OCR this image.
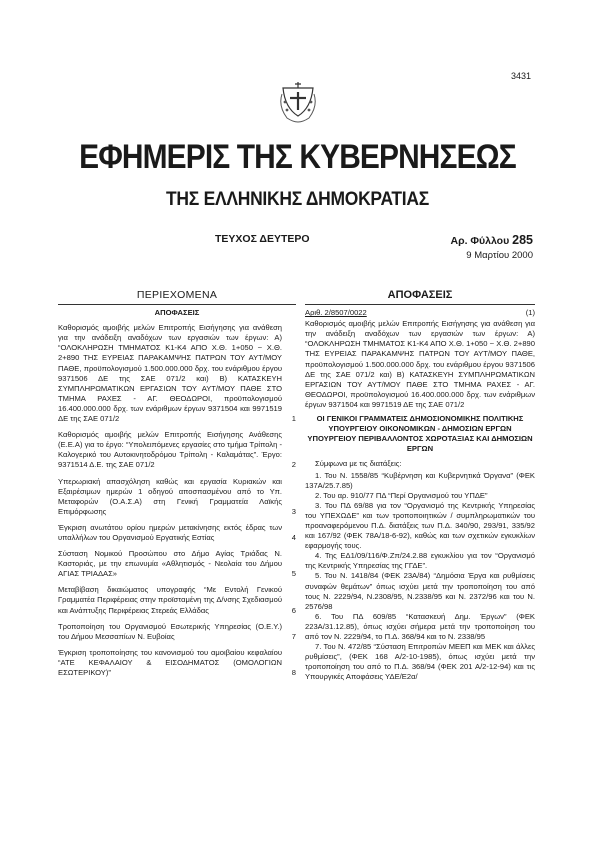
3431
ΕΦΗΜΕΡΙΣ ΤΗΣ ΚΥΒΕΡΝΗΣΕΩΣ
ΤΗΣ ΕΛΛΗΝΙΚΗΣ ΔΗΜΟΚΡΑΤΙΑΣ
ΤΕΥΧΟΣ ΔΕΥΤΕΡΟ	Αρ. Φύλλου 285
9 Μαρτίου 2000
ΠΕΡΙΕΧΟΜΕΝΑ
ΑΠΟΦΑΣΕΙΣ
Καθορισμός αμοιβής μελών Επιτροπής Εισήγησης για ανάθεση για την ανάδειξη αναδόχων των εργασιών των έργων: Α) “ΟΛΟΚΛΗΡΩΣΗ ΤΜΗΜΑΤΟΣ Κ1-Κ4 ΑΠΟ Χ.Θ. 1+050 ~ Χ.Θ. 2+890 ΤΗΣ ΕΥΡΕΙΑΣ ΠΑΡΑΚΑΜΨΗΣ ΠΑΤΡΩΝ ΤΟΥ ΑΥΤ/ΜΟΥ ΠΑΘΕ, προϋπολογισμού 1.500.000.000 δρχ. του ενάριθμου έργου 9371506 ΔΕ της ΣΑΕ 071/2 και) Β) ΚΑΤΑΣΚΕΥΗ ΣΥΜΠΛΗΡΩΜΑΤΙΚΩΝ ΕΡΓΑΣΙΩΝ ΤΟΥ ΑΥΤ/ΜΟΥ ΠΑΘΕ ΣΤΟ ΤΜΗΜΑ ΡΑΧΕΣ - ΑΓ. ΘΕΟΔΩΡΟΙ, προϋπολογισμού 16.400.000.000 δρχ. των ενάριθμων έργων 9371504 και 9971519 ΔΕ της ΣΑΕ 071/2	1
Καθορισμός αμοιβής μελών Επιτροπής Εισήγησης Ανάθεσης (Ε.Ε.Α) για το έργο: “Υπολειπόμενες εργασίες στο τμήμα Τρίπολη - Καλογερικό του Αυτοκινητοδρόμου Τρίπολη - Καλαμάτας”. Έργο: 9371514 Δ.Ε. της ΣΑΕ 071/2	2
Υπερωριακή απασχόληση καθώς και εργασία Κυριακών και Εξαιρέσιμων ημερών 1 οδηγού αποσπασμένου από το Υπ. Μεταφορών (Ο.Α.Σ.Α) στη Γενική Γραμματεία Λαϊκής Επιμόρφωσης	3
Έγκριση ανωτάτου ορίου ημερών μετακίνησης εκτός έδρας των υπαλλήλων του Οργανισμού Εργατικής Εστίας	4
Σύσταση Νομικού Προσώπου στο Δήμο Αγίας Τριάδας Ν. Καστοριάς, με την επωνυμία «Αθλητισμός - Νεολαία του Δήμου ΑΓΙΑΣ ΤΡΙΑΔΑΣ»	5
Μεταβίβαση δικαιώματος υπογραφής “Με Εντολή Γενικού Γραμματέα Περιφέρειας στην προϊσταμένη της Δ/νσης Σχεδιασμού και Ανάπτυξης Περιφέρειας Στερεάς Ελλάδας	6
Τροποποίηση του Οργανισμού Εσωτερικής Υπηρεσίας (Ο.Ε.Υ.) του Δήμου Μεσσαπίων Ν. Ευβοίας	7
Έγκριση τροποποίησης του κανονισμού του αμοιβαίου κεφαλαίου “ΑΤΕ ΚΕΦΑΛΑΙΟΥ & ΕΙΣΟΔΗΜΑΤΟΣ (ΟΜΟΛΟΓΙΩΝ ΕΣΩΤΕΡΙΚΟΥ)”	8
ΑΠΟΦΑΣΕΙΣ
Αριθ. 2/8507/0022	(1)

Καθορισμός αμοιβής μελών Επιτροπής Εισήγησης για ανάθεση για την ανάδειξη αναδόχων των εργασιών των έργων: Α) “ΟΛΟΚΛΗΡΩΣΗ ΤΜΗΜΑΤΟΣ Κ1-Κ4 ΑΠΟ Χ.Θ. 1+050 ~ Χ.Θ. 2+890 ΤΗΣ ΕΥΡΕΙΑΣ ΠΑΡΑΚΑΜΨΗΣ ΠΑΤΡΩΝ ΤΟΥ ΑΥΤ/ΜΟΥ ΠΑΘΕ, προϋπολογισμού 1.500.000.000 δρχ. του ενάριθμου έργου 9371506 ΔΕ της ΣΑΕ 071/2 και) Β) ΚΑΤΑΣΚΕΥΗ ΣΥΜΠΛΗΡΩΜΑΤΙΚΩΝ ΕΡΓΑΣΙΩΝ ΤΟΥ ΑΥΤ/ΜΟΥ ΠΑΘΕ ΣΤΟ ΤΜΗΜΑ ΡΑΧΕΣ - ΑΓ. ΘΕΟΔΩΡΟΙ, προϋπολογισμού 16.400.000.000 δρχ. των ενάριθμων έργων 9371504 και 9971519 ΔΕ της ΣΑΕ 071/2

ΟΙ ΓΕΝΙΚΟΙ ΓΡΑΜΜΑΤΕΙΣ ΔΗΜΟΣΙΟΝΟΜΙΚΗΣ ΠΟΛΙΤΙΚΗΣ ΥΠΟΥΡΓΕΙΟΥ ΟΙΚΟΝΟΜΙΚΩΝ - ΔΗΜΟΣΙΩΝ ΕΡΓΩΝ ΥΠΟΥΡΓΕΙΟΥ ΠΕΡΙΒΑΛΛΟΝΤΟΣ ΧΩΡΟΤΑΞΙΑΣ ΚΑΙ ΔΗΜΟΣΙΩΝ ΕΡΓΩΝ
Σύμφωνα με τις διατάξεις:

1. Του Ν. 1558/85 “Κυβέρνηση και Κυβερνητικά Όργανα” (ΦΕΚ 137Α/25.7.85)

2. Του αρ. 910/77 ΠΔ “Περί Οργανισμού του ΥΠΔΕ”

3. Του ΠΔ 69/88 για τον “Οργανισμό της Κεντρικής Υπηρεσίας του ΥΠΕΧΩΔΕ” και των τροποποιητικών / συμπληρωματικών του προαναφερόμενου Π.Δ. διατάξεις των Π.Δ. 340/90, 293/91, 335/92 και 167/92 (ΦΕΚ 78Α/18-6-92), καθώς και των σχετικών εγκυκλίων εφαρμογής τους.

4. Της ΕΔ1/09/116/Φ.Ζπ/24.2.88 εγκυκλίου για τον “Οργανισμό της Κεντρικής Υπηρεσίας της ΓΓΔΕ”.

5. Του Ν. 1418/84 (ΦΕΚ 23Α/84) “Δημόσια Έργα και ρυθμίσεις συναφών θεμάτων” όπως ισχύει μετά την τροποποίηση του από τους Ν. 2229/94, Ν.2308/95, Ν.2338/95 και Ν. 2372/96 και του Ν. 2576/98

6. Του ΠΔ 609/85 “Κατασκευή Δημ. Έργων” (ΦΕΚ 223Α/31.12.85), όπως ισχύει σήμερα μετά την τροποποίηση του από τον Ν. 2229/94, το Π.Δ. 368/94 και το Ν. 2338/95

7. Του Ν. 472/85 “Σύσταση Επιτροπών ΜΕΕΠ και ΜΕΚ και άλλες ρυθμίσεις”, (ΦΕΚ 168 Α/2-10-1985), όπως ισχύει μετά την τροποποίηση του από το Π.Δ. 368/94 (ΦΕΚ 201 Α/2-12-94) και τις Υπουργικές Αποφάσεις ΥΔΕ/Ε2α/
